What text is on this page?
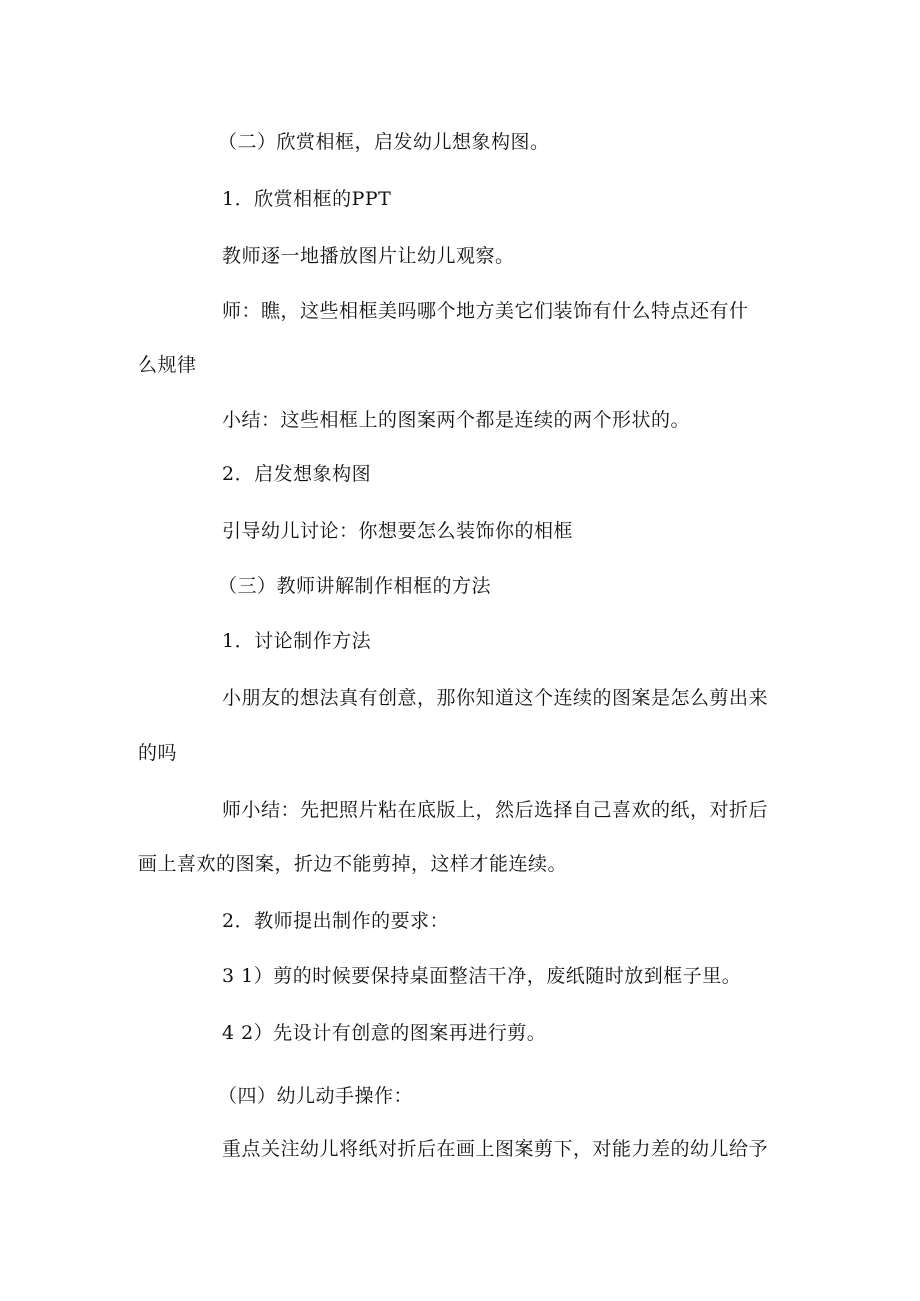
（二）欣赏相框，启发幼儿想象构图。
1．欣赏相框的PPT
教师逐一地播放图片让幼儿观察。
师：瞧，这些相框美吗哪个地方美它们装饰有什么特点还有什
么规律
小结：这些相框上的图案两个都是连续的两个形状的。
2．启发想象构图
引导幼儿讨论：你想要怎么装饰你的相框
（三）教师讲解制作相框的方法
1．讨论制作方法
小朋友的想法真有创意，那你知道这个连续的图案是怎么剪出来
的吗
师小结：先把照片粘在底版上，然后选择自己喜欢的纸，对折后
画上喜欢的图案，折边不能剪掉，这样才能连续。
2．教师提出制作的要求：
3 1）剪的时候要保持桌面整洁干净，废纸随时放到框子里。
4 2）先设计有创意的图案再进行剪。
（四）幼儿动手操作：
重点关注幼儿将纸对折后在画上图案剪下，对能力差的幼儿给予
